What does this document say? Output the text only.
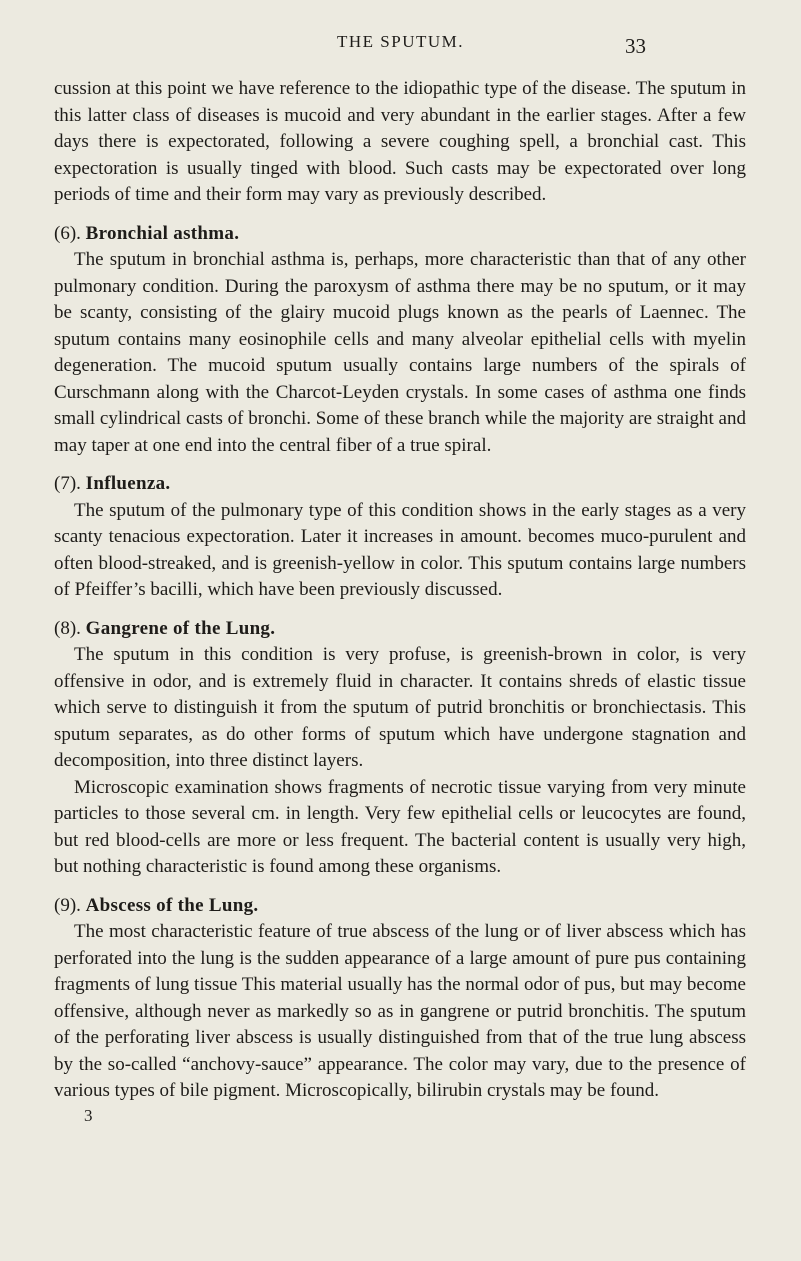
THE SPUTUM.	33

cussion at this point we have reference to the idiopathic type of the disease. The sputum in this latter class of diseases is mucoid and very abundant in the earlier stages. After a few days there is expectorated, following a severe coughing spell, a bronchial cast. This expectoration is usually tinged with blood. Such casts may be expectorated over long periods of time and their form may vary as previously described.

(6). Bronchial asthma.

The sputum in bronchial asthma is, perhaps, more characteristic than that of any other pulmonary condition. During the paroxysm of asthma there may be no sputum, or it may be scanty, consisting of the glairy mucoid plugs known as the pearls of Laennec. The sputum contains many eosinophile cells and many alveolar epithelial cells with myelin degeneration. The mucoid sputum usually contains large numbers of the spirals of Curschmann along with the Charcot-Leyden crystals. In some cases of asthma one finds small cylindrical casts of bronchi. Some of these branch while the majority are straight and may taper at one end into the central fiber of a true spiral.

(7). Influenza.

The sputum of the pulmonary type of this condition shows in the early stages as a very scanty tenacious expectoration. Later it increases in amount. becomes muco-purulent and often blood-streaked, and is greenish-yellow in color. This sputum contains large numbers of Pfeiffer’s bacilli, which have been previously discussed.

(8). Gangrene of the Lung.

The sputum in this condition is very profuse, is greenish-brown in color, is very offensive in odor, and is extremely fluid in character. It contains shreds of elastic tissue which serve to distinguish it from the sputum of putrid bronchitis or bronchiectasis. This sputum separates, as do other forms of sputum which have undergone stagnation and decomposition, into three distinct layers.

Microscopic examination shows fragments of necrotic tissue varying from very minute particles to those several cm. in length. Very few epithelial cells or leucocytes are found, but red blood-cells are more or less frequent. The bacterial content is usually very high, but nothing characteristic is found among these organisms.

(9). Abscess of the Lung.

The most characteristic feature of true abscess of the lung or of liver abscess which has perforated into the lung is the sudden appearance of a large amount of pure pus containing fragments of lung tissue This material usually has the normal odor of pus, but may become offensive, although never as markedly so as in gangrene or putrid bronchitis. The sputum of the perforating liver abscess is usually distinguished from that of the true lung abscess by the so-called “anchovy-sauce” appearance. The color may vary, due to the presence of various types of bile pigment. Microscopically, bilirubin crystals may be found.

3
